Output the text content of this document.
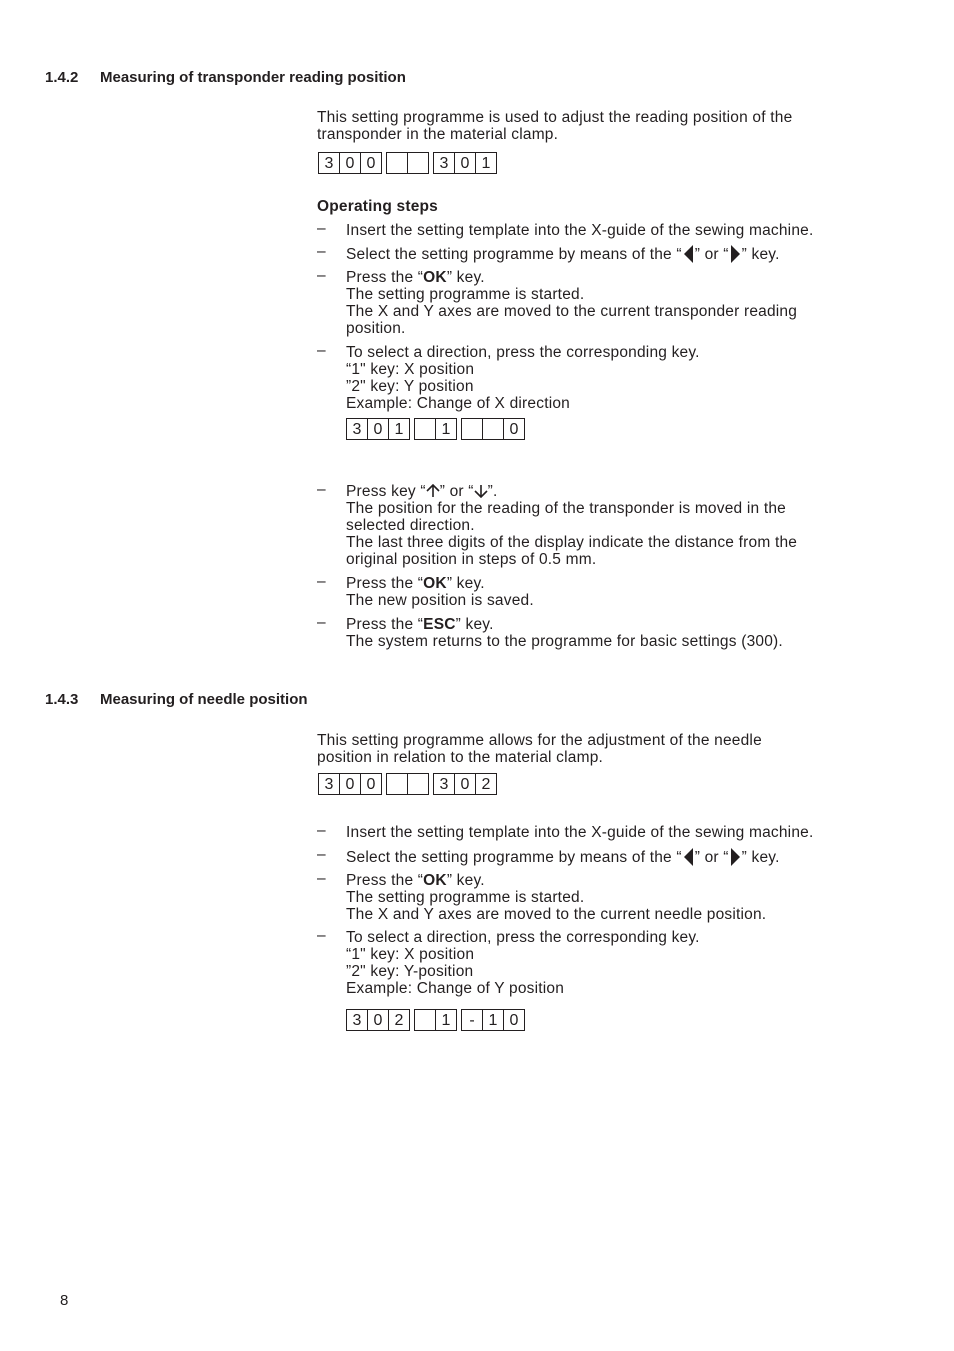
1.4.2 Measuring of transponder reading position
This setting programme is used to adjust the reading position of the
transponder in the material clamp.
3 0 0	3 0 1
Operating steps
– Insert the setting template into the X-guide of the sewing machine.
– Select the setting programme by means of the “ ” or “ ” key.
– Press the “OK” key.
The setting programme is started.
The X and Y axes are moved to the current transponder reading
position.
– To select a direction, press the corresponding key.
“1" key: X position
”2" key: Y position
Example: Change of X direction
3 0 1	1	0
– Press key “ ” or “ ”.
The position for the reading of the transponder is moved in the
selected direction.
The last three digits of the display indicate the distance from the
original position in steps of 0.5 mm.
– Press the “OK” key.
The new position is saved.
– Press the “ESC” key.
The system returns to the programme for basic settings (300).
1.4.3 Measuring of needle position
This setting programme allows for the adjustment of the needle
position in relation to the material clamp.
3 0 0	3 0 2
– Insert the setting template into the X-guide of the sewing machine.
– Select the setting programme by means of the “ ” or “ ” key.
– Press the “OK” key.
The setting programme is started.
The X and Y axes are moved to the current needle position.
– To select a direction, press the corresponding key.
“1" key: X position
”2" key: Y-position
Example: Change of Y position
3 0 2	1	- 1 0
8
